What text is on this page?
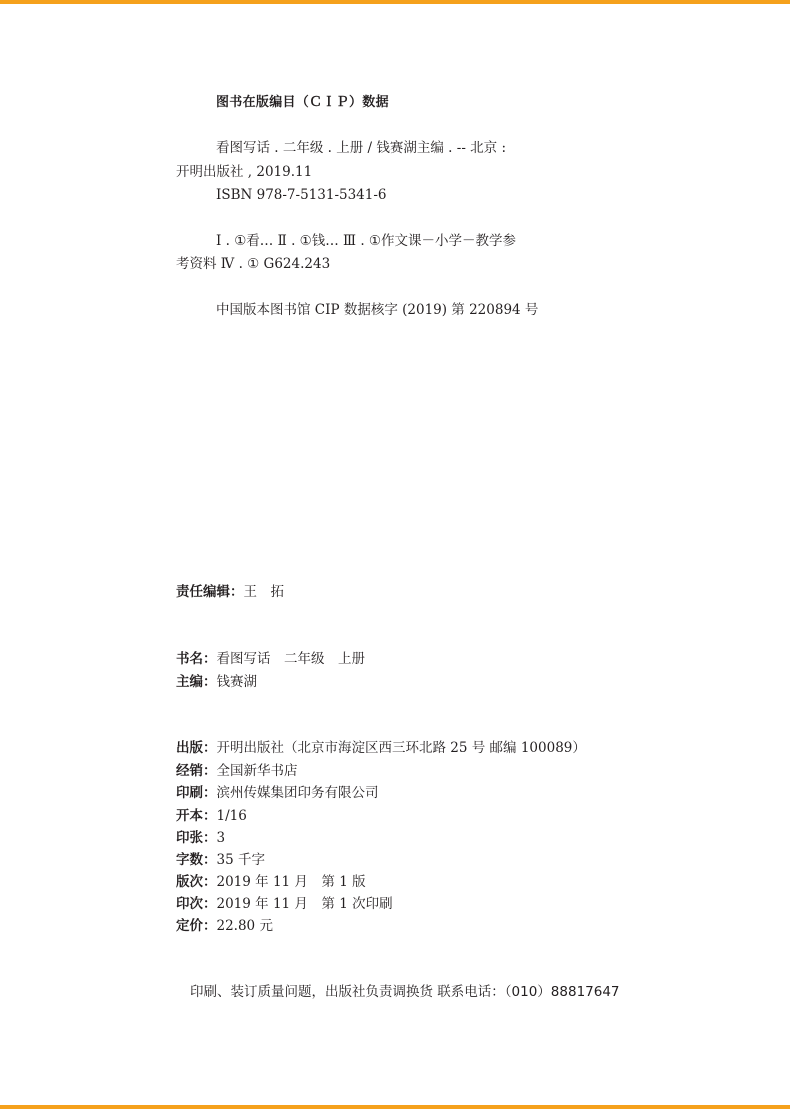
图书在版编目（ＣＩＰ）数据
看图写话 . 二年级 . 上册 / 钱赛湖主编 . -- 北京 :
开明出版社 , 2019.11
ISBN 978-7-5131-5341-6
Ⅰ . ①看… Ⅱ . ①钱… Ⅲ . ①作文课－小学－教学参
考资料 Ⅳ . ① G624.243
中国版本图书馆 CIP 数据核字 (2019) 第 220894 号
责任编辑：王　拓
书名：看图写话　二年级　上册
主编：钱赛湖
出版：开明出版社（北京市海淀区西三环北路 25 号 邮编 100089）
经销：全国新华书店
印刷：滨州传媒集团印务有限公司
开本：1/16
印张：3
字数：35 千字
版次：2019 年 11 月　第 1 版
印次：2019 年 11 月　第 1 次印刷
定价：22.80 元
印刷、装订质量问题，出版社负责调换货 联系电话：（010）88817647
